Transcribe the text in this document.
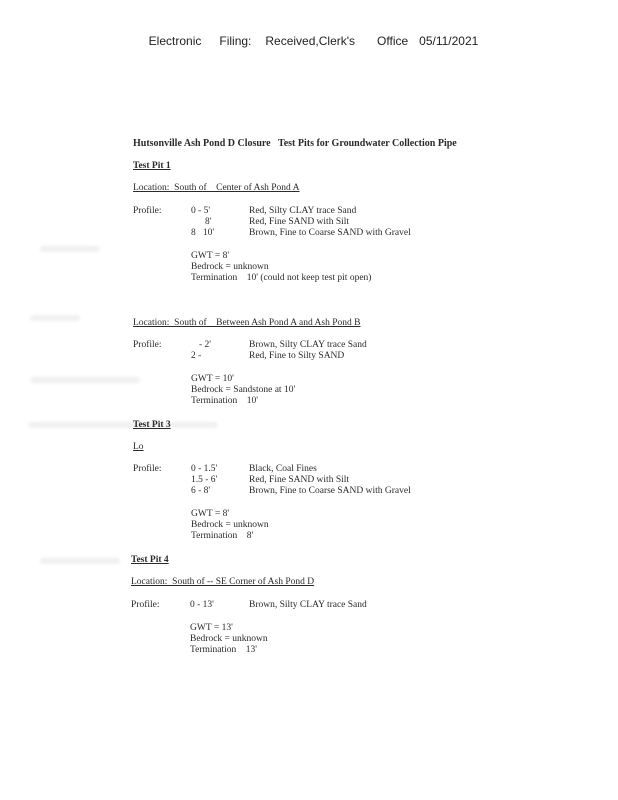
Electronic Filing: Received,Clerk's Office 05/11/2021

Hutsonville Ash Pond D Closure   Test Pits for Groundwater Collection Pipe
Test Pit 1
Location:  South of    Center of Ash Pond A
Profile:	0 - 5'	Red, Silty CLAY trace Sand
8'	Red, Fine SAND with Silt
8   10'	Brown, Fine to Coarse SAND with Gravel
GWT = 8'
Bedrock = unknown
Termination    10' (could not keep test pit open)
Location:  South of    Between Ash Pond A and Ash Pond B
Profile:	- 2'	Brown, Silty CLAY trace Sand
2 -	Red, Fine to Silty SAND
GWT = 10'
Bedrock = Sandstone at 10'
Termination    10'
Test Pit 3
Lo
Profile:	0 - 1.5'	Black, Coal Fines
1.5 - 6'	Red, Fine SAND with Silt
6 - 8'	Brown, Fine to Coarse SAND with Gravel
GWT = 8'
Bedrock = unknown
Termination    8'
Test Pit 4
Location:  South of -- SE Corner of Ash Pond D
Profile:	0 - 13'	Brown, Silty CLAY trace Sand
GWT = 13'
Bedrock = unknown
Termination    13'
